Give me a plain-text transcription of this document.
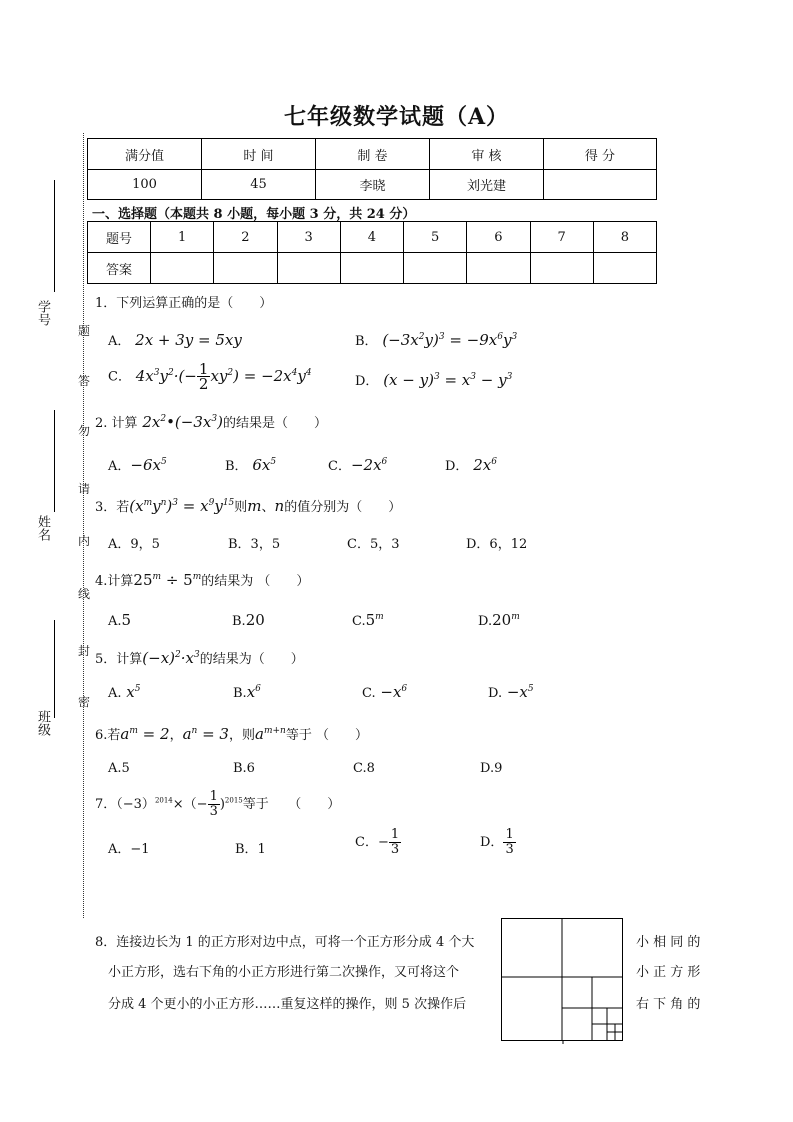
七年级数学试题（A）
学号
姓名
班级
题
答
勿
请
内
线
封
密
满分值	时 间	制 卷	审 核	得 分
100	45	李晓	刘光建	
一、选择题（本题共 8 小题，每小题 3 分，共 24 分）
题号	1	2	3	4	5	6	7	8
答案								
1．下列运算正确的是（　　）
A． 2x + 3y = 5xy	B． $(-3x^2y)^3 = -9x^6y^3$
C． $4x^3y^2\cdot(- \frac{1}{2} xy^2) = -2x^4y^4$
D． $(x - y)^3 = x^3 - y^3$
2. 计算 $2x^2•(-3x^3)$的结果是（　　）
A．$-6x^5$	B． $6x^5$	C．$-2x^6$	D． $2x^6$
3．若$(x^my^n)^3 = x^9y^{15}$则m、n的值分别为（　　）
A．9，5	B．3，5	C．5，3	D．6，12
4.计算$25^m \div 5^m$的结果为 （　　）
A.5	B.20	C.5$^m$	D.20$^m$
5．计算$(-x)^2\cdot x^3$的结果为（　　）
A. $x^5$	$B.x^6$	C. $-x^6$	D. $-x^5$
6.若$a^m = 2$，$a^n = 3$，则$a^{m+n}$等于 （　　）
A.5	B.6	C.8	D.9
7．$(-3)^{2014}\times(- \frac{1}{3} )^{2015}$等于　　（　　）
A．−1	B．1	C．− $\frac{1}{3}$	D． $\frac{1}{3}$
8．连接边长为 1 的正方形对边中点，可将一个正方形分成 4 个大
小正方形，选右下角的小正方形进行第二次操作，又可将这个
分成 4 个更小的小正方形……重复这样的操作，则 5 次操作后
小 相 同 的
小 正 方 形
右 下 角 的
